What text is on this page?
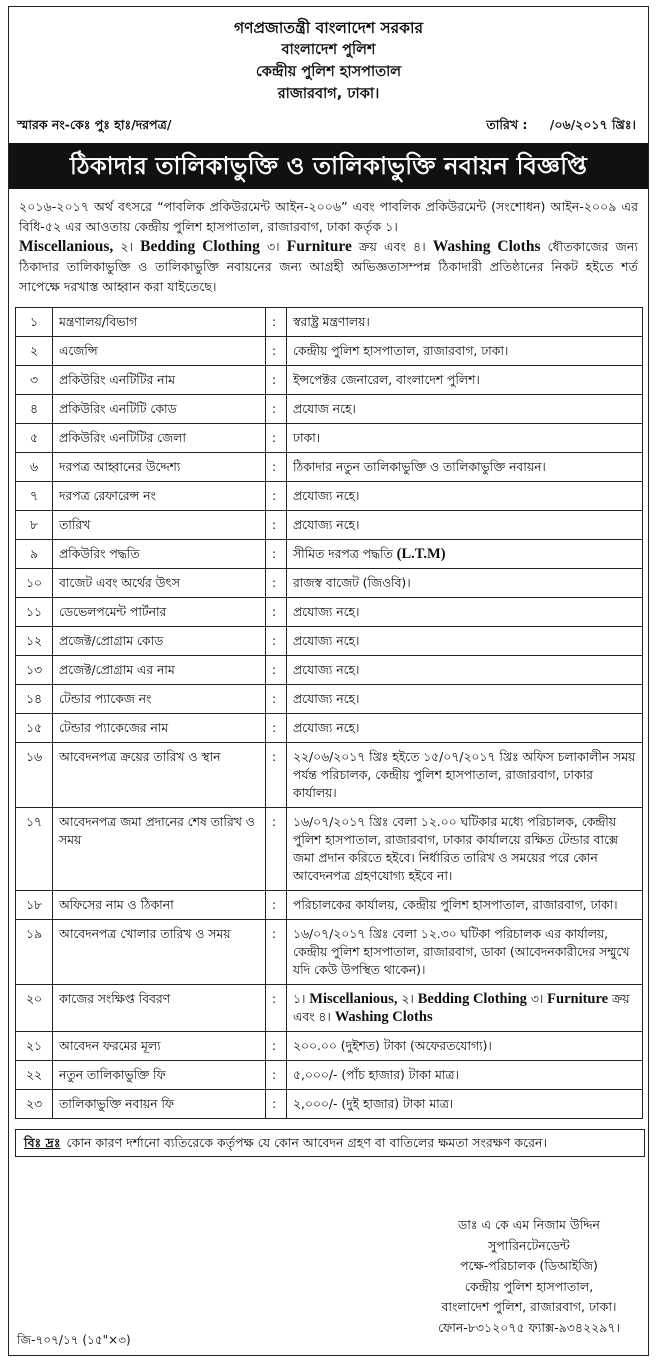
গণপ্রজাতন্ত্রী বাংলাদেশ সরকার
বাংলাদেশ পুলিশ
কেন্দ্রীয় পুলিশ হাসপাতাল
রাজারবাগ, ঢাকা।
স্মারক নং-কেঃ পুঃ হাঃ/দরপত্র/	তারিখ : /০৬/২০১৭ খ্রিঃ।
ঠিকাদার তালিকাভুক্তি ও তালিকাভুক্তি নবায়ন বিজ্ঞপ্তি
২০১৬-২০১৭ অর্থ বৎসরে “পাবলিক প্রকিউরমেন্ট আইন-২০০৬” এবং পাবলিক প্রকিউরমেন্ট (সংশোধন) আইন-২০০৯ এর বিধি-৫২ এর আওতায় কেন্দ্রীয় পুলিশ হাসপাতাল, রাজারবাগ, ঢাকা কর্তৃক ১।
Miscellanious, ২। Bedding Clothing ৩। Furniture ক্রয় এবং ৪। Washing Cloths ধৌতকাজের জন্য ঠিকাদার তালিকাভুক্তি ও তালিকাভুক্তি নবায়নের জন্য আগ্রহী অভিজ্ঞতাসম্পন্ন ঠিকাদারী প্রতিষ্ঠানের নিকট হইতে শর্ত সাপেক্ষে দরখাস্ত আহ্বান করা যাইতেছে।
১	মন্ত্রণালয়/বিভাগ	:	স্বরাষ্ট্র মন্ত্রণালয়।
২	এজেন্সি	:	কেন্দ্রীয় পুলিশ হাসপাতাল, রাজারবাগ, ঢাকা।
৩	প্রকিউরিং এনটিটির নাম	:	ইন্সপেক্টর জেনারেল, বাংলাদেশ পুলিশ।
৪	প্রকিউরিং এনটিটি কোড	:	প্রযোজ নহে।
৫	প্রকিউরিং এনটিটির জেলা	:	ঢাকা।
৬	দরপত্র আহ্বানের উদ্দেশ্য	:	ঠিকাদার নতুন তালিকাভুক্তি ও তালিকাভুক্তি নবায়ন।
৭	দরপত্র রেফারেন্স নং	:	প্রযোজ্য নহে।
৮	তারিখ	:	প্রযোজ্য নহে।
৯	প্রকিউরিং পদ্ধতি	:	সীমিত দরপত্র পদ্ধতি (L.T.M)
১০	বাজেট এবং অর্থের উৎস	:	রাজস্ব বাজেট (জিওবি)।
১১	ডেভেলপমেন্ট পার্টনার	:	প্রযোজ্য নহে।
১২	প্রজেক্ট/প্রোগ্রাম কোড	:	প্রযোজ্য নহে।
১৩	প্রজেক্ট/প্রোগ্রাম এর নাম	:	প্রযোজ্য নহে।
১৪	টেন্ডার প্যাকেজ নং	:	প্রযোজ্য নহে।
১৫	টেন্ডার প্যাকেজের নাম	:	প্রযোজ্য নহে।
১৬	আবেদনপত্র ক্রয়ের তারিখ ও স্থান	:	২২/০৬/২০১৭ খ্রিঃ হইতে ১৫/০৭/২০১৭ খ্রিঃ অফিস চলাকালীন সময় পর্যন্ত পরিচালক, কেন্দ্রীয় পুলিশ হাসপাতাল, রাজারবাগ, ঢাকার কার্যালয়।
১৭	আবেদনপত্র জমা প্রদানের শেষ তারিখ ও সময়	:	১৬/০৭/২০১৭ খ্রিঃ বেলা ১২.০০ ঘটিকার মধ্যে পরিচালক, কেন্দ্রীয় পুলিশ হাসপাতাল, রাজারবাগ, ঢাকার কার্যালয়ে রক্ষিত টেন্ডার বাক্সে জমা প্রদান করিতে হইবে। নির্ধারিত তারিখ ও সময়ের পরে কোন আবেদনপত্র গ্রহণযোগ্য হইবে না।
১৮	অফিসের নাম ও ঠিকানা	:	পরিচালকের কার্যালয়, কেন্দ্রীয় পুলিশ হাসপাতাল, রাজারবাগ, ঢাকা।
১৯	আবেদনপত্র খোলার তারিখ ও সময়	:	১৬/০৭/২০১৭ খ্রিঃ বেলা ১২.৩০ ঘটিকা পরিচালক এর কার্যালয়, কেন্দ্রীয় পুলিশ হাসপাতাল, রাজারবাগ, ডাকা (আবেদনকারীদের সম্মুখে যদি কেউ উপস্থিত থাকেন)।
২০	কাজের সংক্ষিপ্ত বিবরণ	:	১। Miscellanious, ২। Bedding Clothing ৩। Furniture ক্রয় এবং ৪। Washing Cloths
২১	আবেদন ফরমের মূল্য	:	২০০.০০ (দুইশত) টাকা (অফেরতযোগ্য)।
২২	নতুন তালিকাভুক্তি ফি	:	৫,০০০/- (পাঁচ হাজার) টাকা মাত্র।
২৩	তালিকাভুক্তি নবায়ন ফি	:	২,০০০/- (দুই হাজার) টাকা মাত্র।
বিঃ দ্রঃ কোন কারণ দর্শানো ব্যতিরেকে কর্তৃপক্ষ যে কোন আবেদন গ্রহণ বা বাতিলের ক্ষমতা সংরক্ষণ করেন।
ডাঃ এ কে এম নিজাম উদ্দিন
সুপারিনটেনডেন্ট
পক্ষে-পরিচালক (ডিআইজি)
কেন্দ্রীয় পুলিশ হাসপাতাল,
বাংলাদেশ পুলিশ, রাজারবাগ, ঢাকা।
ফোন-৮৩১২০৭৫ ফ্যাক্স-৯৩৪২২৯৭।
জি-৭০৭/১৭ (১৫"×৩)
